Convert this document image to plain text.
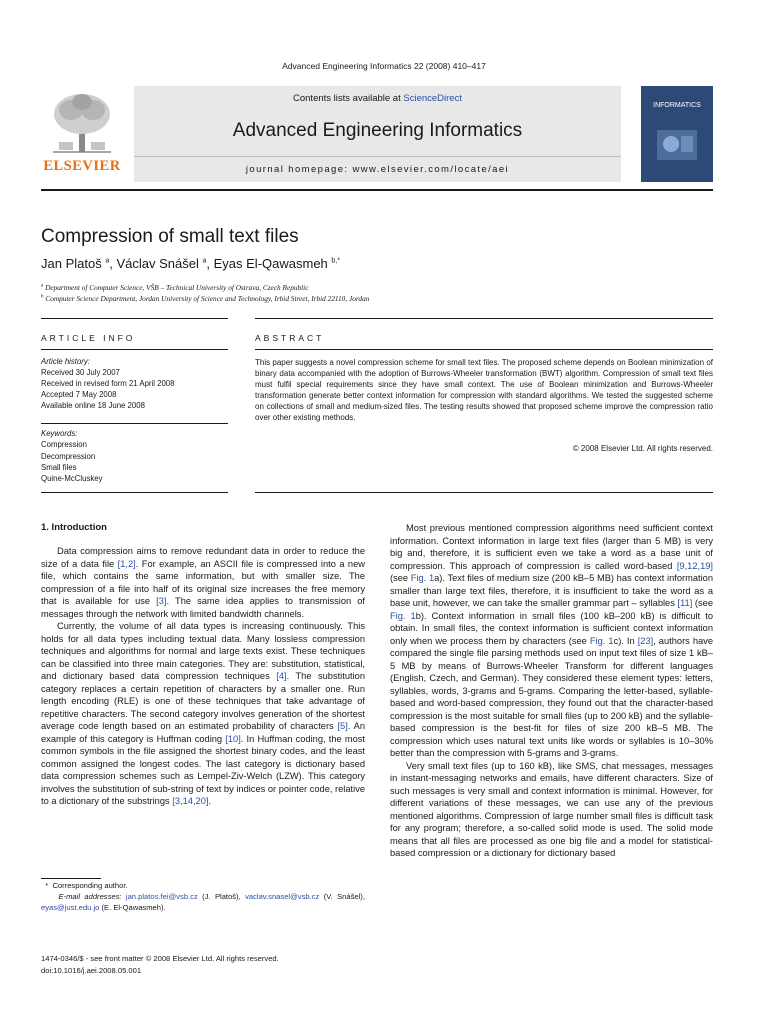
Advanced Engineering Informatics 22 (2008) 410–417
ELSEVIER
Contents lists available at ScienceDirect
Advanced Engineering Informatics
journal homepage: www.elsevier.com/locate/aei
INFORMATICS
Compression of small text files
Jan Platoš $^a$, Václav Snášel $^a$, Eyas El-Qawasmeh $^{b,*}$
$^a$ Department of Computer Science, VŠB – Technical University of Ostrava, Czech Republic
$^b$ Computer Science Department, Jordan University of Science and Technology, Irbid Street, Irbid 22110, Jordan
ARTICLE INFO	ABSTRACT
Article history:
Received 30 July 2007
Received in revised form 21 April 2008
Accepted 7 May 2008
Available online 18 June 2008
Keywords:
Compression
Decompression
Small files
Quine-McCluskey
This paper suggests a novel compression scheme for small text files. The proposed scheme depends on Boolean minimization of binary data accompanied with the adoption of Burrows-Wheeler transformation (BWT) algorithm. Compression of small text files must fulfil special requirements since they have small context. The use of Boolean minimization and Burrows-Wheeler transformation generate better context information for compression with standard algorithms. We tested the suggested scheme on collections of small and medium-sized files. The testing results showed that proposed scheme improve the compression ratio over other existing methods.
© 2008 Elsevier Ltd. All rights reserved.
1. Introduction

Data compression aims to remove redundant data in order to reduce the size of a data file [1,2]. For example, an ASCII file is compressed into a new file, which contains the same information, but with smaller size. The compression of a file into half of its original size increases the free memory that is available for use [3]. The same idea applies to transmission of messages through the network with limited bandwidth channels.

Currently, the volume of all data types is increasing continuously. This holds for all data types including textual data. Many lossless compression techniques and algorithms for normal and large texts exist. These techniques can be classified into three main categories. They are: substitution, statistical, and dictionary based data compression techniques [4]. The substitution category replaces a certain repetition of characters by a smaller one. Run length encoding (RLE) is one of these techniques that take advantage of repetitive characters. The second category involves generation of the shortest average code length based on an estimated probability of characters [5]. An example of this category is Huffman coding [10]. In Huffman coding, the most common symbols in the file assigned the shortest binary codes, and the least common assigned the longest codes. The last category is dictionary based data compression schemes such as Lempel-Ziv-Welch (LZW). This category involves the substitution of sub-string of text by indices or pointer code, relative to a dictionary of the substrings [3,14,20].

Most previous mentioned compression algorithms need sufficient context information. Context information in large text files (larger than 5 MB) is very big and, therefore, it is sufficient even we take a word as a base unit of compression. This approach of compression is called word-based [9,12,19] (see Fig. 1a). Text files of medium size (200 kB–5 MB) has context information smaller than large text files, therefore, it is insufficient to take the word as a base unit, however, we can take the smaller grammar part – syllables [11] (see Fig. 1b). Context information in small files (100 kB–200 kB) is difficult to obtain. In small files, the context information is sufficient context information only when we process them by characters (see Fig. 1c). In [23], authors have compared the single file parsing methods used on input text files of size 1 kB–5 MB by means of Burrows-Wheeler Transform for different languages (English, Czech, and German). They considered these element types: letters, syllables, words, 3-grams and 5-grams. Comparing the letter-based, syllable-based and word-based compression, they found out that the character-based compression is the most suitable for small files (up to 200 kB) and the syllable-based compression is the best-fit for files of size 200 kB–5 MB. The compression which uses natural text units like words or syllables is 10–30% better than the compression with 5-grams and 3-grams.

Very small text files (up to 160 kB), like SMS, chat messages, messages in instant-messaging networks and emails, have different characters. Size of such messages is very small and context information is minimal. However, for different variations of these messages, we can use any of the previous mentioned algorithms. Compression of large number small files is difficult task for any program; therefore, a so-called solid mode is used. The solid mode means that all files are processed as one big file and a model for statistical-based compression or a dictionary for dictionary based

* Corresponding author.
E-mail addresses: jan.platos.fei@vsb.cz (J. Platoš), vaclav.snasel@vsb.cz (V. Snášel), eyas@just.edu.jo (E. El-Qawasmeh).
1474-0346/$ - see front matter © 2008 Elsevier Ltd. All rights reserved.
doi:10.1016/j.aei.2008.05.001
